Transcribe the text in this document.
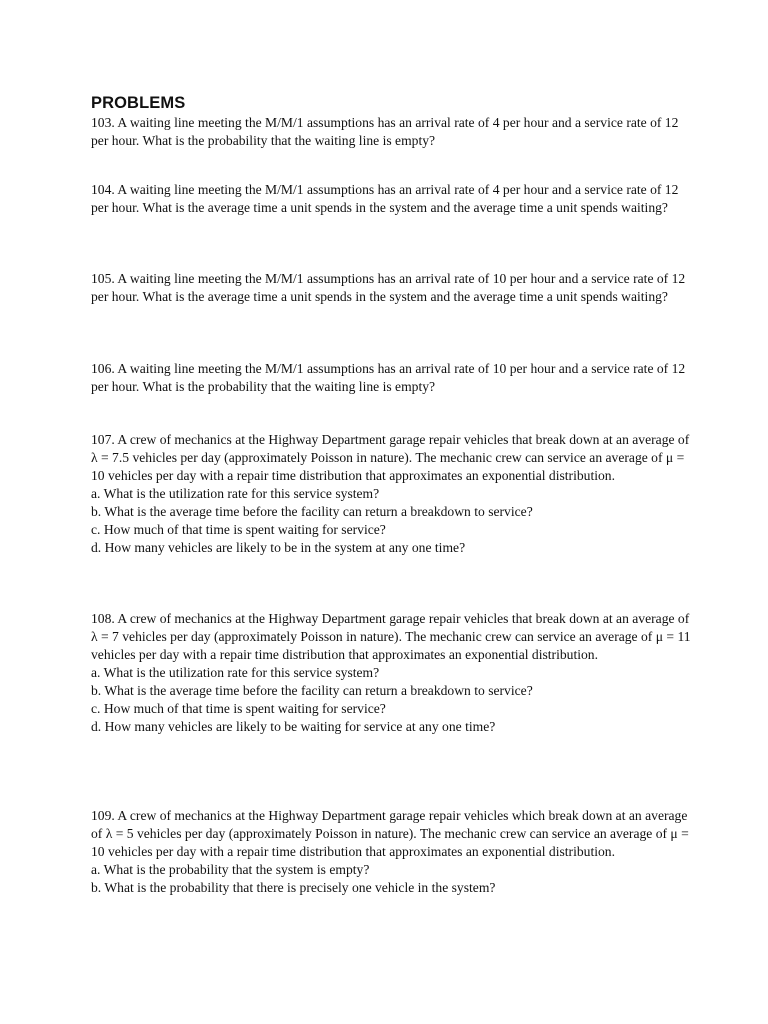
PROBLEMS

103. A waiting line meeting the M/M/1 assumptions has an arrival rate of 4 per hour and a service rate of 12 per hour. What is the probability that the waiting line is empty?

104. A waiting line meeting the M/M/1 assumptions has an arrival rate of 4 per hour and a service rate of 12 per hour. What is the average time a unit spends in the system and the average time a unit spends waiting?

105. A waiting line meeting the M/M/1 assumptions has an arrival rate of 10 per hour and a service rate of 12 per hour. What is the average time a unit spends in the system and the average time a unit spends waiting?

106. A waiting line meeting the M/M/1 assumptions has an arrival rate of 10 per hour and a service rate of 12 per hour. What is the probability that the waiting line is empty?

107. A crew of mechanics at the Highway Department garage repair vehicles that break down at an average of λ = 7.5 vehicles per day (approximately Poisson in nature). The mechanic crew can service an average of μ = 10 vehicles per day with a repair time distribution that approximates an exponential distribution.

a. What is the utilization rate for this service system?

b. What is the average time before the facility can return a breakdown to service?

c. How much of that time is spent waiting for service?

d. How many vehicles are likely to be in the system at any one time?

108. A crew of mechanics at the Highway Department garage repair vehicles that break down at an average of λ = 7 vehicles per day (approximately Poisson in nature). The mechanic crew can service an average of μ = 11 vehicles per day with a repair time distribution that approximates an exponential distribution.

a. What is the utilization rate for this service system?

b. What is the average time before the facility can return a breakdown to service?

c. How much of that time is spent waiting for service?

d. How many vehicles are likely to be waiting for service at any one time?

109. A crew of mechanics at the Highway Department garage repair vehicles which break down at an average of λ = 5 vehicles per day (approximately Poisson in nature). The mechanic crew can service an average of μ = 10 vehicles per day with a repair time distribution that approximates an exponential distribution.

a. What is the probability that the system is empty?

b. What is the probability that there is precisely one vehicle in the system?
